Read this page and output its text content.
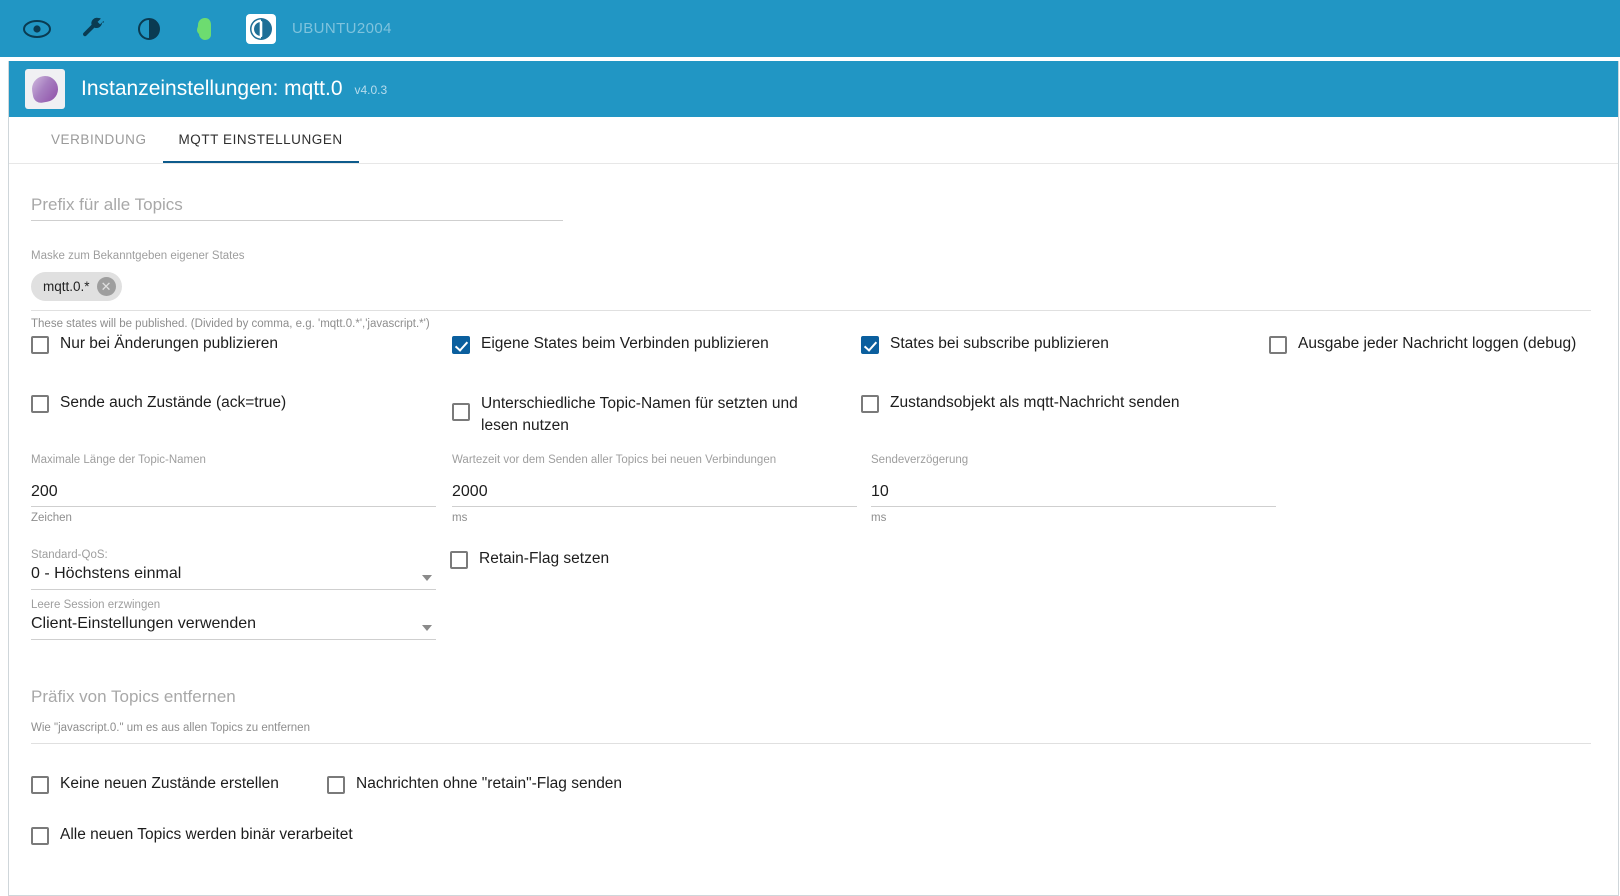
UBUNTU2004
Instanzeinstellungen: mqtt.0 v4.0.3
VERBINDUNG	MQTT EINSTELLUNGEN
Prefix für alle Topics
Maske zum Bekanntgeben eigener States
mqtt.0.* ✕
These states will be published. (Divided by comma, e.g. 'mqtt.0.*','javascript.*')
Nur bei Änderungen publizieren	Eigene States beim Verbinden publizieren	States bei subscribe publizieren	Ausgabe jeder Nachricht loggen (debug)
Sende auch Zustände (ack=true)	Unterschiedliche Topic-Namen für setzten und lesen nutzen
Zustandsobjekt als mqtt-Nachricht senden
Maximale Länge der Topic-Namen
200
Zeichen
Wartezeit vor dem Senden aller Topics bei neuen Verbindungen
2000
ms
Sendeverzögerung
10
ms
Standard-QoS:
0 - Höchstens einmal
Retain-Flag setzen
Leere Session erzwingen
Client-Einstellungen verwenden
Präfix von Topics entfernen
Wie "javascript.0." um es aus allen Topics zu entfernen
Keine neuen Zustände erstellen	Nachrichten ohne "retain"-Flag senden
Alle neuen Topics werden binär verarbeitet
